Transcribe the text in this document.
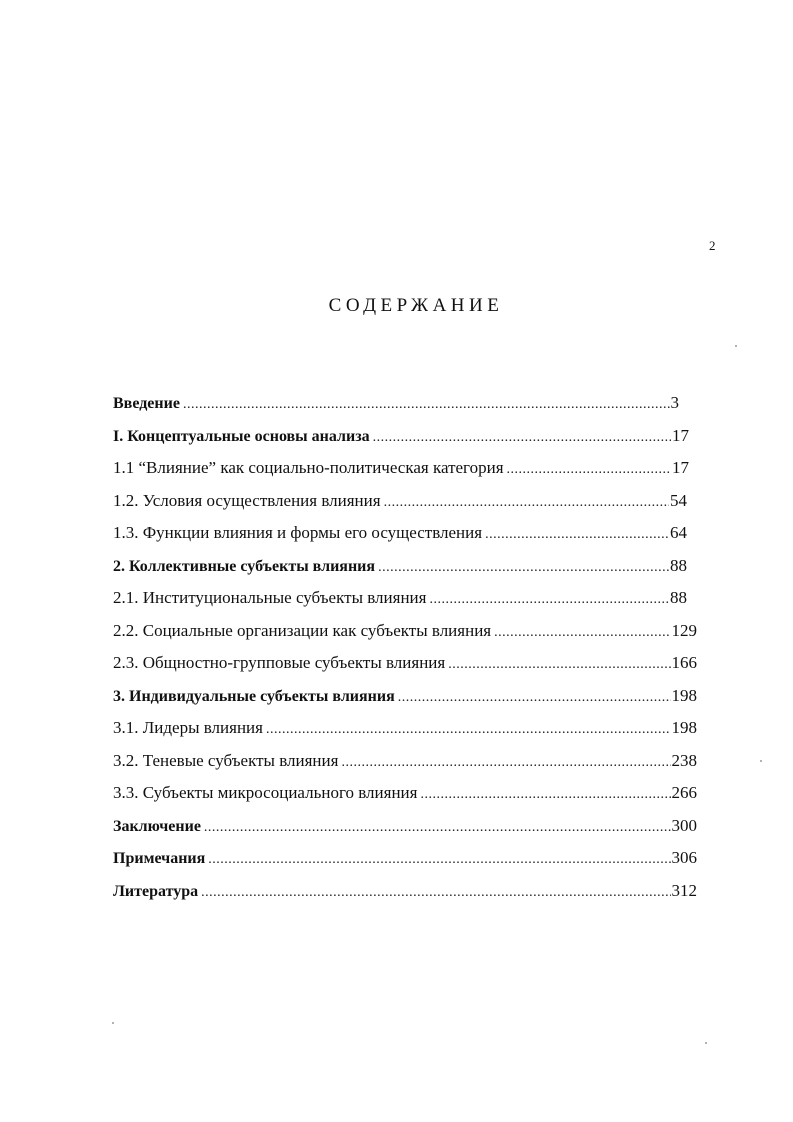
2
СОДЕРЖАНИЕ
Введение .....	3
I. Концептуальные основы анализа .....	17
1.1 “Влияние” как социально-политическая категория .....	17
1.2. Условия осуществления влияния .....	54
1.3. Функции влияния и формы его осуществления .....	64
2. Коллективные субъекты влияния .....	88
2.1. Институциональные субъекты влияния .....	88
2.2. Социальные организации как субъекты влияния .....	129
2.3. Общностно-групповые субъекты влияния .....	166
3. Индивидуальные субъекты влияния .....	198
3.1. Лидеры влияния .....	198
3.2. Теневые субъекты влияния .....	238
3.3. Субъекты микросоциального влияния .....	266
Заключение .....	300
Примечания .....	306
Литература .....	312
